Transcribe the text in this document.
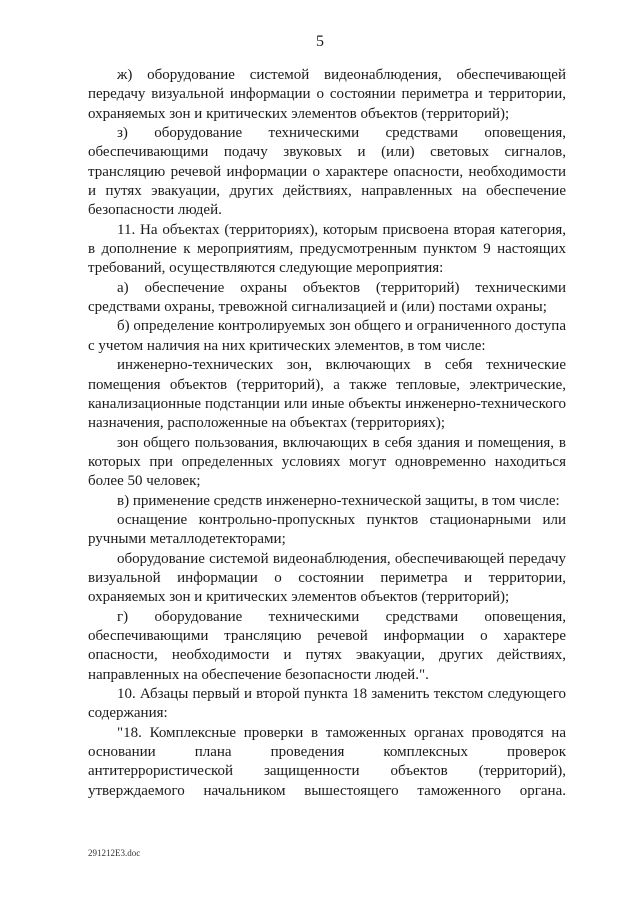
5

ж) оборудование системой видеонаблюдения, обеспечивающей передачу визуальной информации о состоянии периметра и территории, охраняемых зон и критических элементов объектов (территорий);

з) оборудование техническими средствами оповещения, обеспечивающими подачу звуковых и (или) световых сигналов, трансляцию речевой информации о характере опасности, необходимости и путях эвакуации, других действиях, направленных на обеспечение безопасности людей.

11. На объектах (территориях), которым присвоена вторая категория, в дополнение к мероприятиям, предусмотренным пунктом 9 настоящих требований, осуществляются следующие мероприятия:

а) обеспечение охраны объектов (территорий) техническими средствами охраны, тревожной сигнализацией и (или) постами охраны;

б) определение контролируемых зон общего и ограниченного доступа с учетом наличия на них критических элементов, в том числе:

инженерно-технических зон, включающих в себя технические помещения объектов (территорий), а также тепловые, электрические, канализационные подстанции или иные объекты инженерно-технического назначения, расположенные на объектах (территориях);

зон общего пользования, включающих в себя здания и помещения, в которых при определенных условиях могут одновременно находиться более 50 человек;

в) применение средств инженерно-технической защиты, в том числе:

оснащение контрольно-пропускных пунктов стационарными или ручными металлодетекторами;

оборудование системой видеонаблюдения, обеспечивающей передачу визуальной информации о состоянии периметра и территории, охраняемых зон и критических элементов объектов (территорий);

г) оборудование техническими средствами оповещения, обеспечивающими трансляцию речевой информации о характере опасности, необходимости и путях эвакуации, других действиях, направленных на обеспечение безопасности людей.".

10. Абзацы первый и второй пункта 18 заменить текстом следующего содержания:

"18. Комплексные проверки в таможенных органах проводятся на основании плана проведения комплексных проверок антитеррористической защищенности объектов (территорий), утверждаемого начальником вышестоящего таможенного органа.

291212E3.doc
